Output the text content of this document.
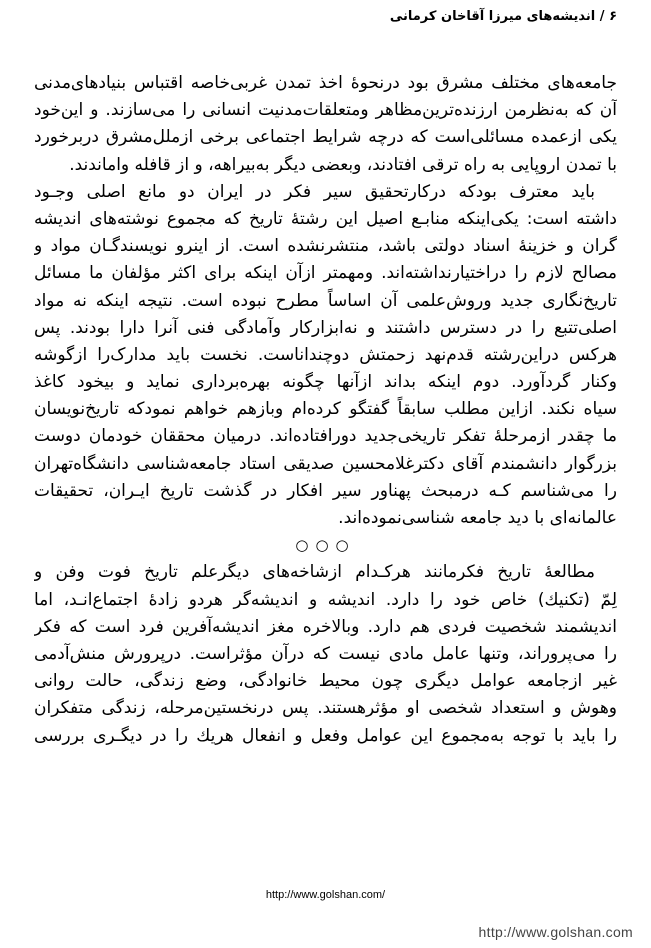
۶ / اندیشه‌های میرزا آقاخان کرمانی
جامعه‌های مختلف مشرق بود درنحوهٔ اخذ تمدن غربی‌خاصه اقتباس بنیادهای‌مدنی
آن که به‌نظرمن ارزنده‌ترین‌مظاهر ومتعلقات‌مدنیت انسانی را می‌سازند. و این‌خود
یکی ازعمده مسائلی‌است که درچه شرایط اجتماعی برخی ازملل‌مشرق دربرخورد
با تمدن اروپایی به راه ترقی افتادند، وبعضی دیگر به‌بیراهه، و از قافله واماندند.
باید معترف بودکه درکارتحقیق سیر فکر در ایران دو مانع اصلی وجـود
داشته است: یکی‌اینکه منابـع اصیل این رشتهٔ تاریخ که مجموع نوشته‌های اندیشه‌
گران و خزینهٔ اسناد دولتی باشد، منتشرنشده است. از اینرو نویسندگـان مواد و
مصالح لازم را دراختیارنداشته‌اند. ومهمتر ازآن اینکه برای اکثر مؤلفان ما مسائل
تاریخ‌نگاری جدید وروش‌علمی آن اساساً مطرح نبوده است. نتیجه اینکه نه مواد
اصلی‌تتبع را در دسترس داشتند و نه‌ابزارکار وآمادگی فنی آنرا دارا بودند. پس
هرکس دراین‌رشته قدم‌نهد زحمتش دوچنداناست. نخست باید مدارک‌را ازگوشه
وکنار گردآورد. دوم اینکه بداند ازآنها چگونه بهره‌برداری نماید و بیخود کاغذ
سیاه نکند. ازاین مطلب سابقاً گفتگو کرده‌ام وبازهم خواهم نمودکه تاریخ‌نویسان
ما چقدر ازمرحلهٔ تفکر تاریخی‌جدید دورافتاده‌اند. درمیان محققان خودمان دوست
بزرگوار دانشمندم آقای دکترغلامحسین صدیقی استاد جامعه‌شناسی دانشگاه‌تهران
را می‌شناسم کـه درمبحث پهناور سیر افکار در گذشت تاریخ ایـران، تحقیقات
عالمانه‌ای با دید جامعه شناسی‌نموده‌اند.
○○○
مطالعهٔ تاریخ فکرمانند هرکـدام ازشاخه‌های دیگرعلم تاریخ فوت وفن و
لِمّ (تکنیك) خاص خود را دارد. اندیشه و اندیشه‌گر هردو زادهٔ اجتماع‌انـد، اما
اندیشمند شخصیت فردی هم دارد. وبالاخره مغز اندیشه‌آفرین فرد است که فکر
را می‌پروراند، وتنها عامل مادی نیست که درآن مؤثراست. درپرورش منش‌آدمی
غیر ازجامعه عوامل دیگری چون محیط خانوادگی، وضع زندگی، حالت روانی
وهوش و استعداد شخصی او مؤثرهستند. پس درنخستین‌مرحله، زندگی متفکران
را باید با توجه به‌مجموع این عوامل وفعل و انفعال هریك را در دیگـری بررسی
http://www.golshan.com/
http://www.golshan.com
